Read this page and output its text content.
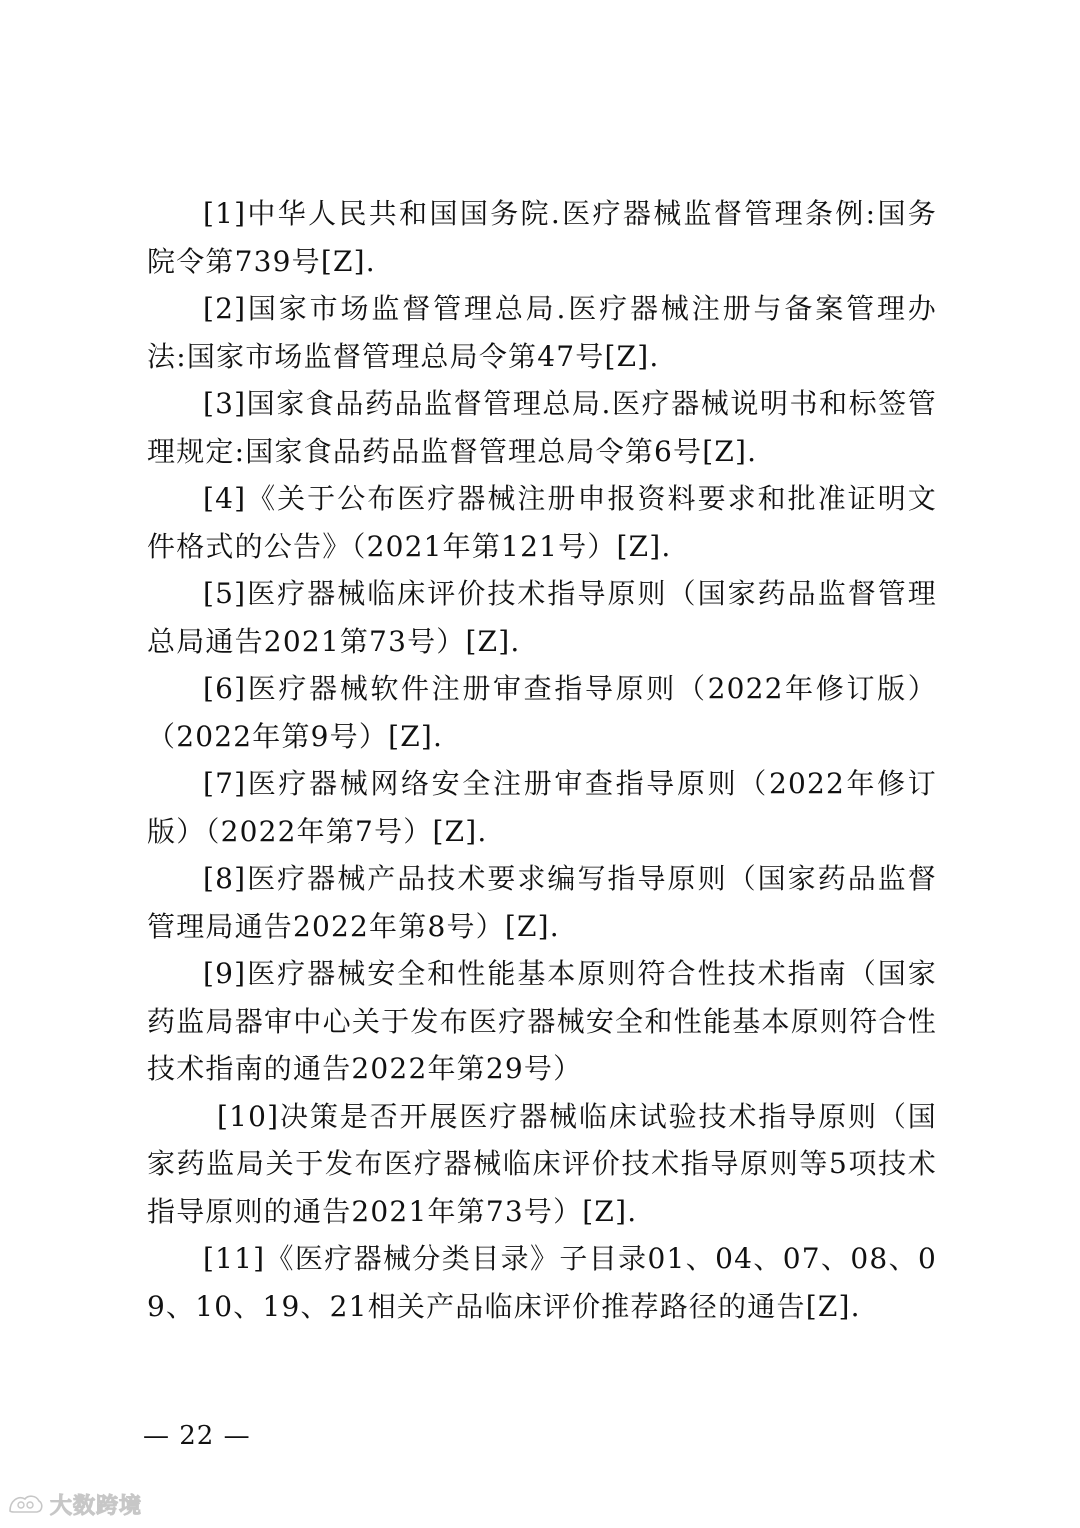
[1]中华人民共和国国务院.医疗器械监督管理条例:国务院令第739号[Z].

[2]国家市场监督管理总局.医疗器械注册与备案管理办法:国家市场监督管理总局令第47号[Z].

[3]国家食品药品监督管理总局.医疗器械说明书和标签管理规定:国家食品药品监督管理总局令第6号[Z].

[4]《关于公布医疗器械注册申报资料要求和批准证明文件格式的公告》（2021年第121号）[Z].

[5]医疗器械临床评价技术指导原则（国家药品监督管理总局通告2021第73号）[Z].

[6]医疗器械软件注册审查指导原则（2022年修订版）（2022年第9号）[Z].

[7]医疗器械网络安全注册审查指导原则（2022年修订版）（2022年第7号）[Z].

[8]医疗器械产品技术要求编写指导原则（国家药品监督管理局通告2022年第8号）[Z].

[9]医疗器械安全和性能基本原则符合性技术指南（国家药监局器审中心关于发布医疗器械安全和性能基本原则符合性技术指南的通告2022年第29号）

[10]决策是否开展医疗器械临床试验技术指导原则（国家药监局关于发布医疗器械临床评价技术指导原则等5项技术指导原则的通告2021年第73号）[Z].

[11]《医疗器械分类目录》子目录01、04、07、08、09、10、19、21相关产品临床评价推荐路径的通告[Z].

— 22 —
大数跨境
